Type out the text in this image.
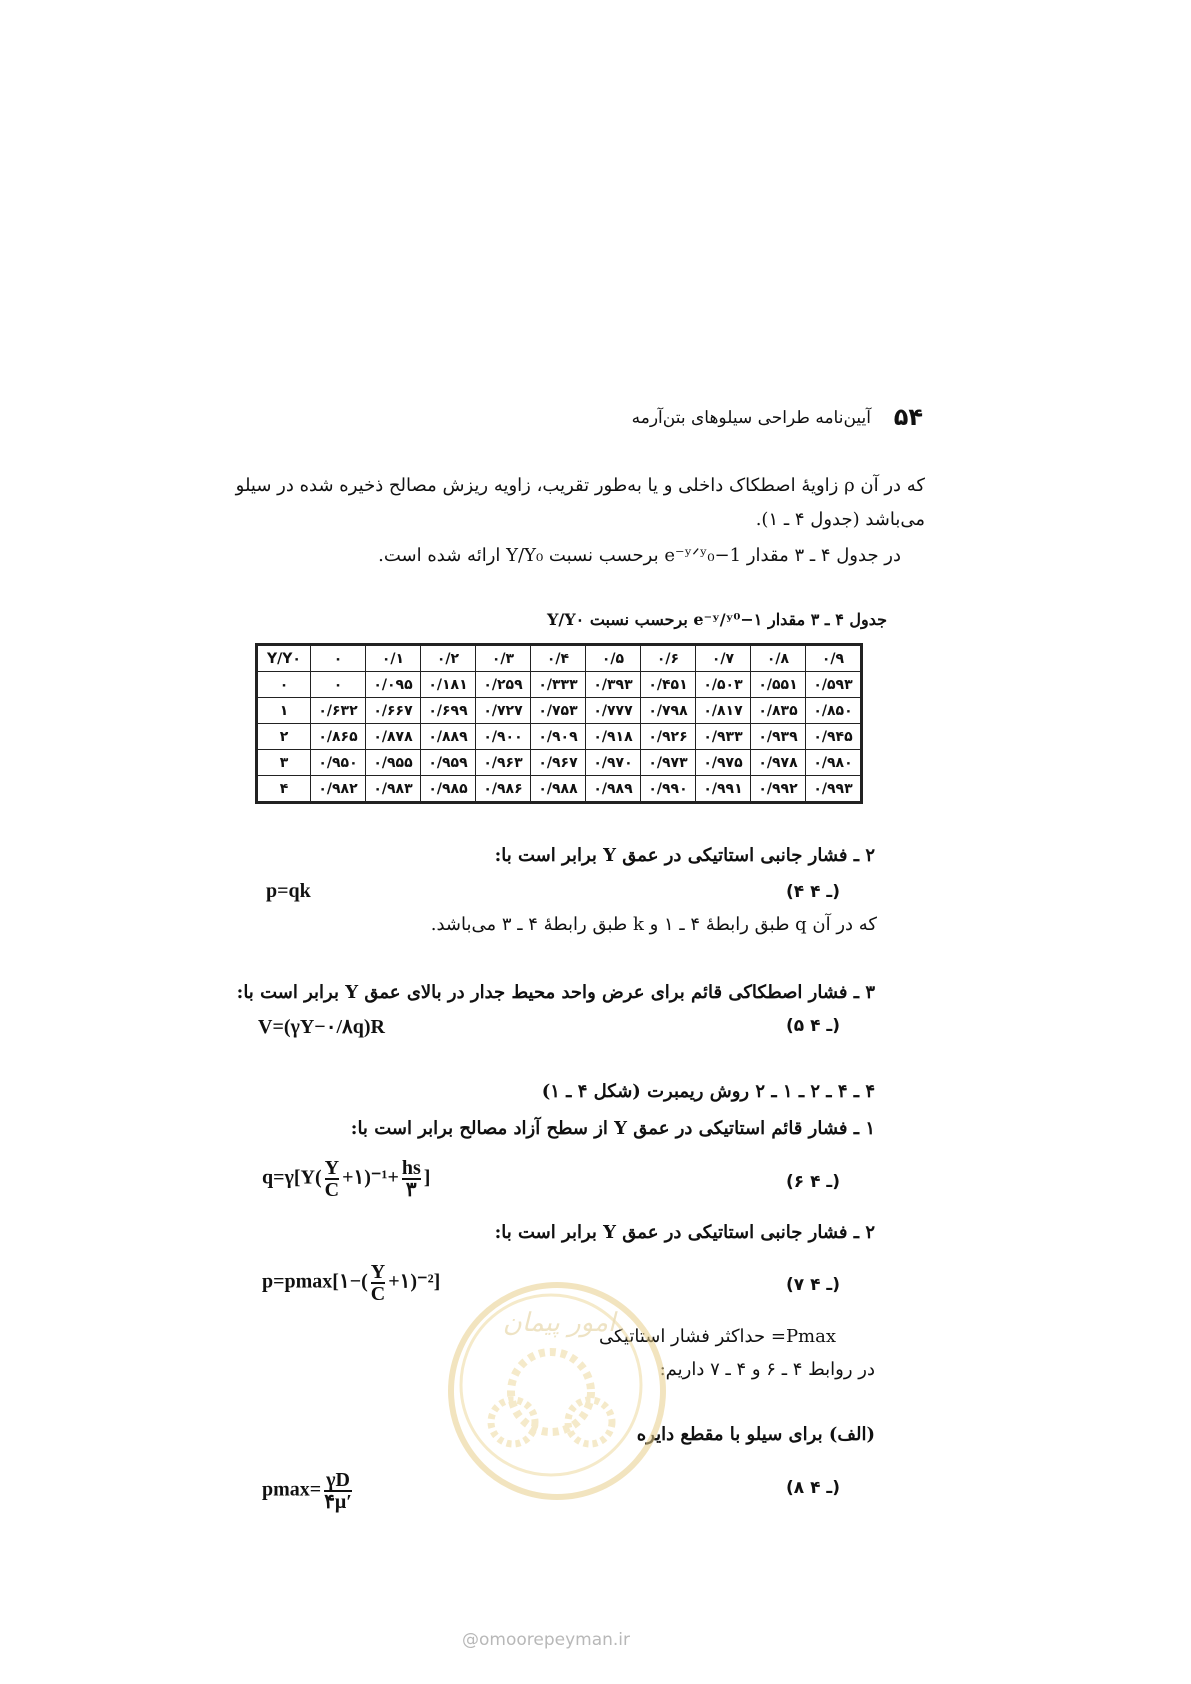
۵۴
آیین‌نامه طراحی سیلوهای بتن‌آرمه
که در آن ρ زاویهٔ اصطکاک داخلی و یا به‌طور تقریب، زاویه ریزش مصالح ذخیره شده در سیلو
می‌باشد (جدول ۴ ـ ۱).
در جدول ۴ ـ ۳ مقدار 1−e⁻ʸᐟʸ₀ برحسب نسبت Y/Y₀ ارائه شده است.
جدول ۴ ـ ۳ مقدار ۱−e⁻ʸ/ʸ⁰ برحسب نسبت Y/Y۰
Y/Y۰	۰	۰/۱	۰/۲	۰/۳	۰/۴	۰/۵	۰/۶	۰/۷	۰/۸	۰/۹
۰	۰	۰/۰۹۵	۰/۱۸۱	۰/۲۵۹	۰/۳۳۳	۰/۳۹۳	۰/۴۵۱	۰/۵۰۳	۰/۵۵۱	۰/۵۹۳
۱	۰/۶۳۲	۰/۶۶۷	۰/۶۹۹	۰/۷۲۷	۰/۷۵۳	۰/۷۷۷	۰/۷۹۸	۰/۸۱۷	۰/۸۳۵	۰/۸۵۰
۲	۰/۸۶۵	۰/۸۷۸	۰/۸۸۹	۰/۹۰۰	۰/۹۰۹	۰/۹۱۸	۰/۹۲۶	۰/۹۳۳	۰/۹۳۹	۰/۹۴۵
۳	۰/۹۵۰	۰/۹۵۵	۰/۹۵۹	۰/۹۶۳	۰/۹۶۷	۰/۹۷۰	۰/۹۷۳	۰/۹۷۵	۰/۹۷۸	۰/۹۸۰
۴	۰/۹۸۲	۰/۹۸۳	۰/۹۸۵	۰/۹۸۶	۰/۹۸۸	۰/۹۸۹	۰/۹۹۰	۰/۹۹۱	۰/۹۹۲	۰/۹۹۳
۲ ـ فشار جانبی استاتیکی در عمق Y برابر است با:
p=qk	(۴ ـ ۴)
که در آن q طبق رابطهٔ ۴ ـ ۱ و k طبق رابطهٔ ۴ ـ ۳ می‌باشد.
۳ ـ فشار اصطکاکی قائم برای عرض واحد محیط جدار در بالای عمق Y برابر است با:
V=(γY−۰/۸q)R	(۵ ـ ۴)
۴ ـ ۴ ـ ۲ ـ ۱ ـ ۲ روش ریمبرت (شکل ۴ ـ ۱)
۱ ـ فشار قائم استاتیکی در عمق Y از سطح آزاد مصالح برابر است با:
$q=\gamma[Y( \frac{Y}{C}$ +۱)⁻¹+ $\frac{hs}{۳}$ ]	(۶ ـ ۴)
۲ ـ فشار جانبی استاتیکی در عمق Y برابر است با:
p=pmax[۱−( $\frac{Y}{C}$ +۱)⁻²]	(۷ ـ ۴)
Pmax= حداکثر فشار استاتیکی
در روابط ۴ ـ ۶ و ۴ ـ ۷ داریم:
(الف) برای سیلو با مقطع دایره
$pmax= \frac{\gamma D}{۴\mu'}$	(۸ ـ ۴)
امور پیمان
@omoorepeyman.ir
